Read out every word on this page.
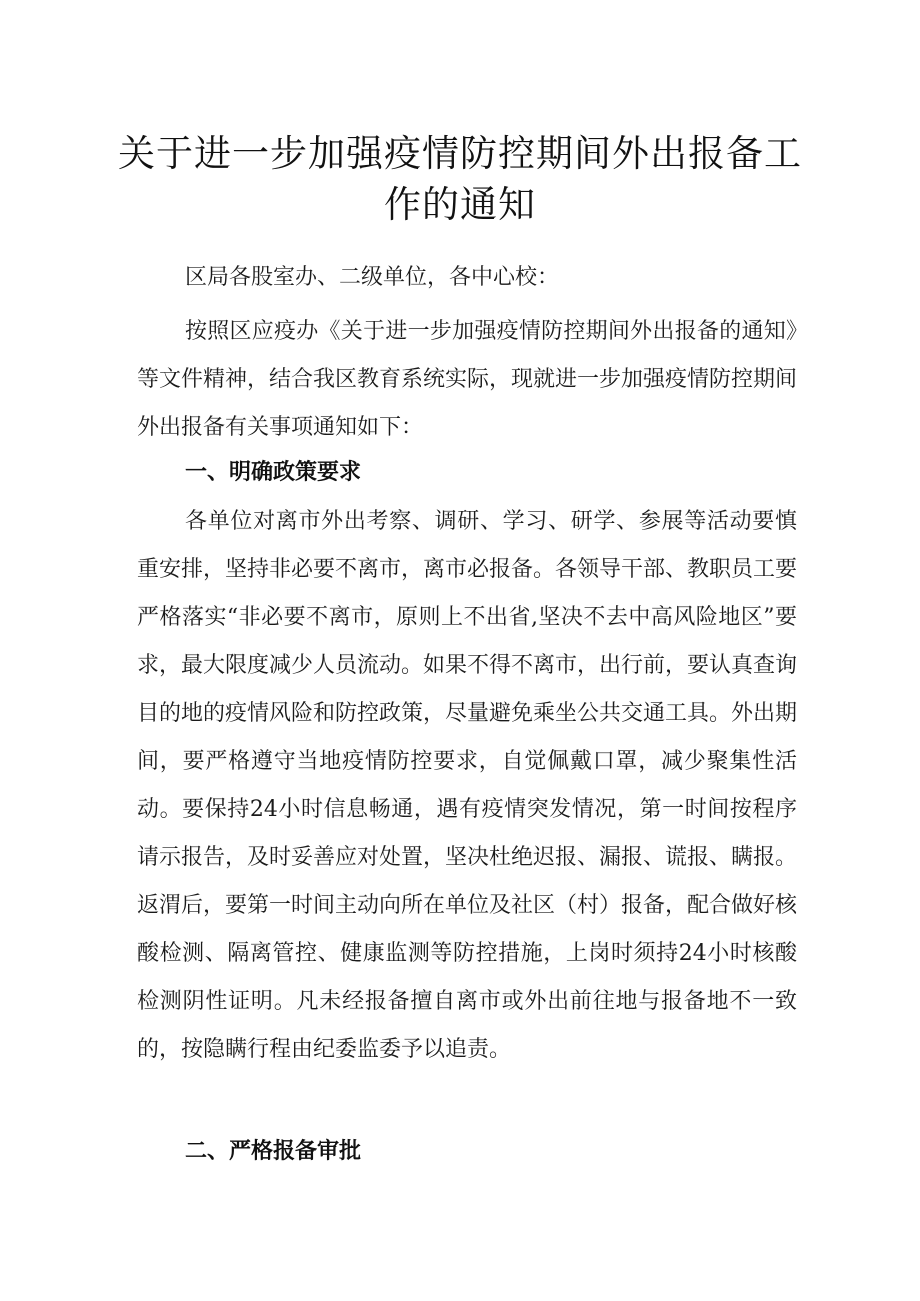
关于进一步加强疫情防控期间外出报备工
作的通知

区局各股室办、二级单位，各中心校：

按照区应疫办《关于进一步加强疫情防控期间外出报备的通知》等文件精神，结合我区教育系统实际，现就进一步加强疫情防控期间外出报备有关事项通知如下：

一、明确政策要求

各单位对离市外出考察、调研、学习、研学、参展等活动要慎重安排，坚持非必要不离市，离市必报备。各领导干部、教职员工要严格落实“非必要不离市，原则上不出省,坚决不去中高风险地区”要求，最大限度减少人员流动。如果不得不离市，出行前，要认真查询目的地的疫情风险和防控政策，尽量避免乘坐公共交通工具。外出期间，要严格遵守当地疫情防控要求，自觉佩戴口罩，减少聚集性活动。要保持24小时信息畅通，遇有疫情突发情况，第一时间按程序请示报告，及时妥善应对处置，坚决杜绝迟报、漏报、谎报、瞒报。返渭后，要第一时间主动向所在单位及社区（村）报备，配合做好核酸检测、隔离管控、健康监测等防控措施，上岗时须持24小时核酸检测阴性证明。凡未经报备擅自离市或外出前往地与报备地不一致的，按隐瞒行程由纪委监委予以追责。

二、严格报备审批
